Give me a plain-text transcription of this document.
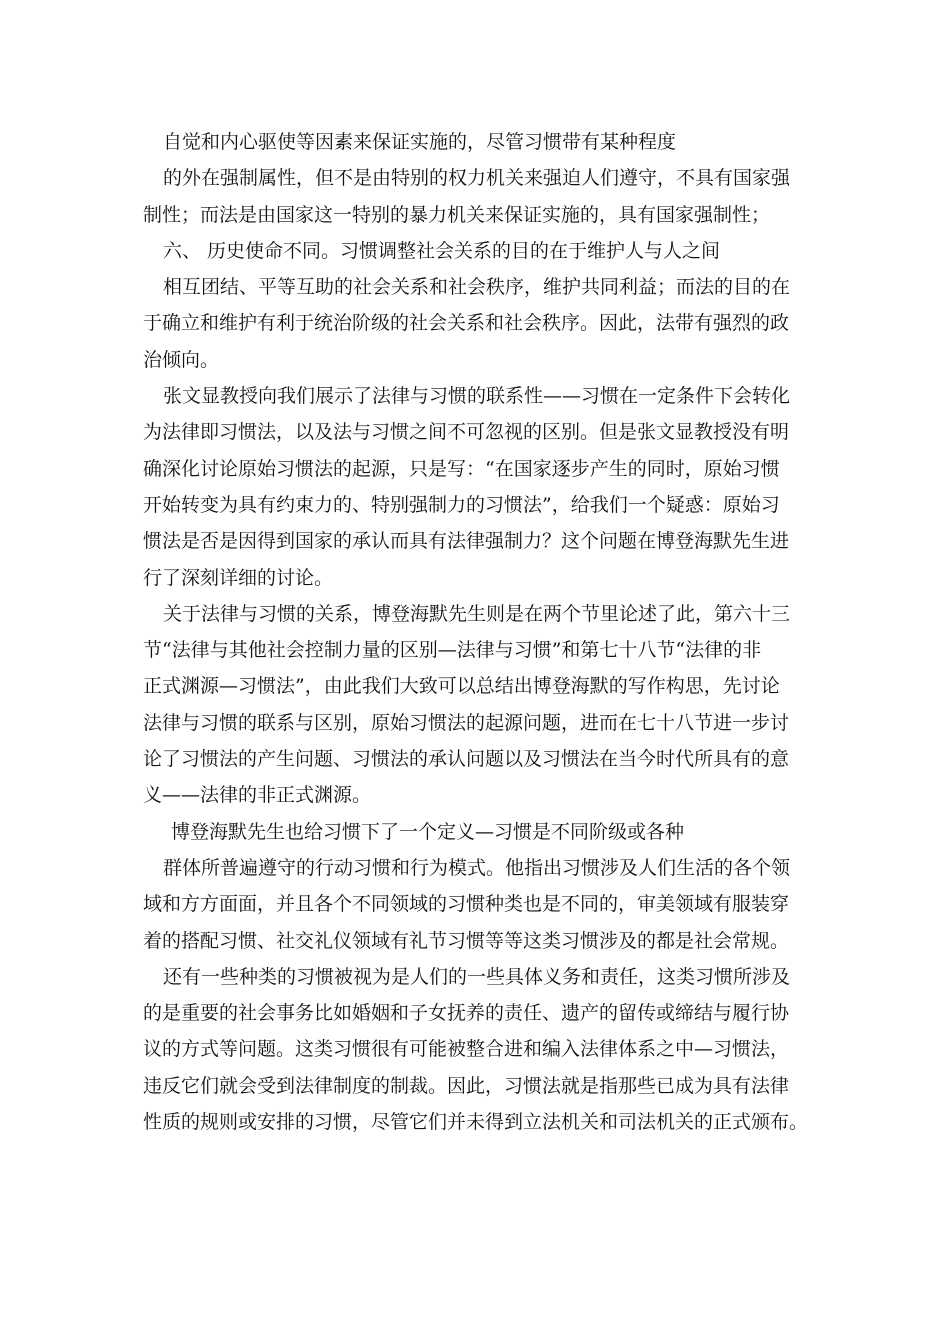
自觉和内心驱使等因素来保证实施的，尽管习惯带有某种程度
的外在强制属性，但不是由特别的权力机关来强迫人们遵守，不具有国家强
制性；而法是由国家这一特别的暴力机关来保证实施的，具有国家强制性；
六、 历史使命不同。习惯调整社会关系的目的在于维护人与人之间
相互团结、平等互助的社会关系和社会秩序，维护共同利益；而法的目的在
于确立和维护有利于统治阶级的社会关系和社会秩序。因此，法带有强烈的政
治倾向。
张文显教授向我们展示了法律与习惯的联系性——习惯在一定条件下会转化
为法律即习惯法，以及法与习惯之间不可忽视的区别。但是张文显教授没有明
确深化讨论原始习惯法的起源，只是写：“在国家逐步产生的同时，原始习惯
开始转变为具有约束力的、特别强制力的习惯法”，给我们一个疑惑：原始习
惯法是否是因得到国家的承认而具有法律强制力？这个问题在博登海默先生进
行了深刻详细的讨论。
关于法律与习惯的关系，博登海默先生则是在两个节里论述了此，第六十三
节“法律与其他社会控制力量的区别—法律与习惯”和第七十八节“法律的非
正式渊源—习惯法”，由此我们大致可以总结出博登海默的写作构思，先讨论
法律与习惯的联系与区别，原始习惯法的起源问题，进而在七十八节进一步讨
论了习惯法的产生问题、习惯法的承认问题以及习惯法在当今时代所具有的意
义——法律的非正式渊源。
博登海默先生也给习惯下了一个定义—习惯是不同阶级或各种
群体所普遍遵守的行动习惯和行为模式。他指出习惯涉及人们生活的各个领
域和方方面面，并且各个不同领域的习惯种类也是不同的，审美领域有服装穿
着的搭配习惯、社交礼仪领域有礼节习惯等等这类习惯涉及的都是社会常规。
还有一些种类的习惯被视为是人们的一些具体义务和责任，这类习惯所涉及
的是重要的社会事务比如婚姻和子女抚养的责任、遗产的留传或缔结与履行协
议的方式等问题。这类习惯很有可能被整合进和编入法律体系之中—习惯法，
违反它们就会受到法律制度的制裁。因此，习惯法就是指那些已成为具有法律
性质的规则或安排的习惯，尽管它们并未得到立法机关和司法机关的正式颁布。
